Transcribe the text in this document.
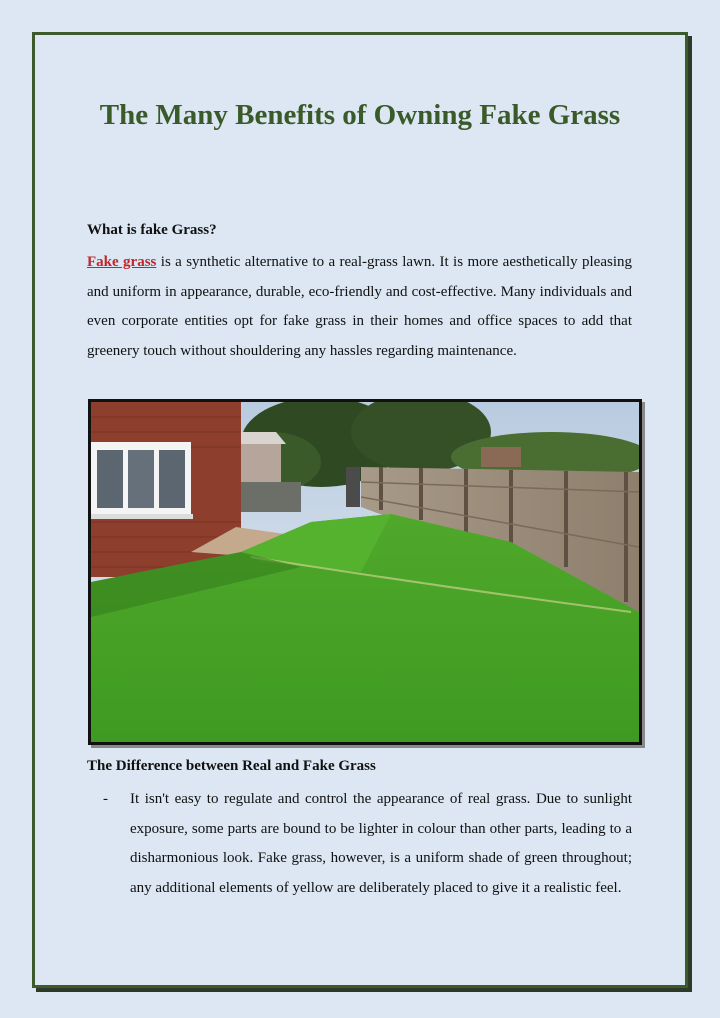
The Many Benefits of Owning Fake Grass
What is fake Grass?

Fake grass is a synthetic alternative to a real-grass lawn. It is more aesthetically pleasing and uniform in appearance, durable, eco-friendly and cost-effective. Many individuals and even corporate entities opt for fake grass in their homes and office spaces to add that greenery touch without shouldering any hassles regarding maintenance.

The Difference between Real and Fake Grass
- It isn't easy to regulate and control the appearance of real grass. Due to sunlight exposure, some parts are bound to be lighter in colour than other parts, leading to a disharmonious look. Fake grass, however, is a uniform shade of green throughout; any additional elements of yellow are deliberately placed to give it a realistic feel.
